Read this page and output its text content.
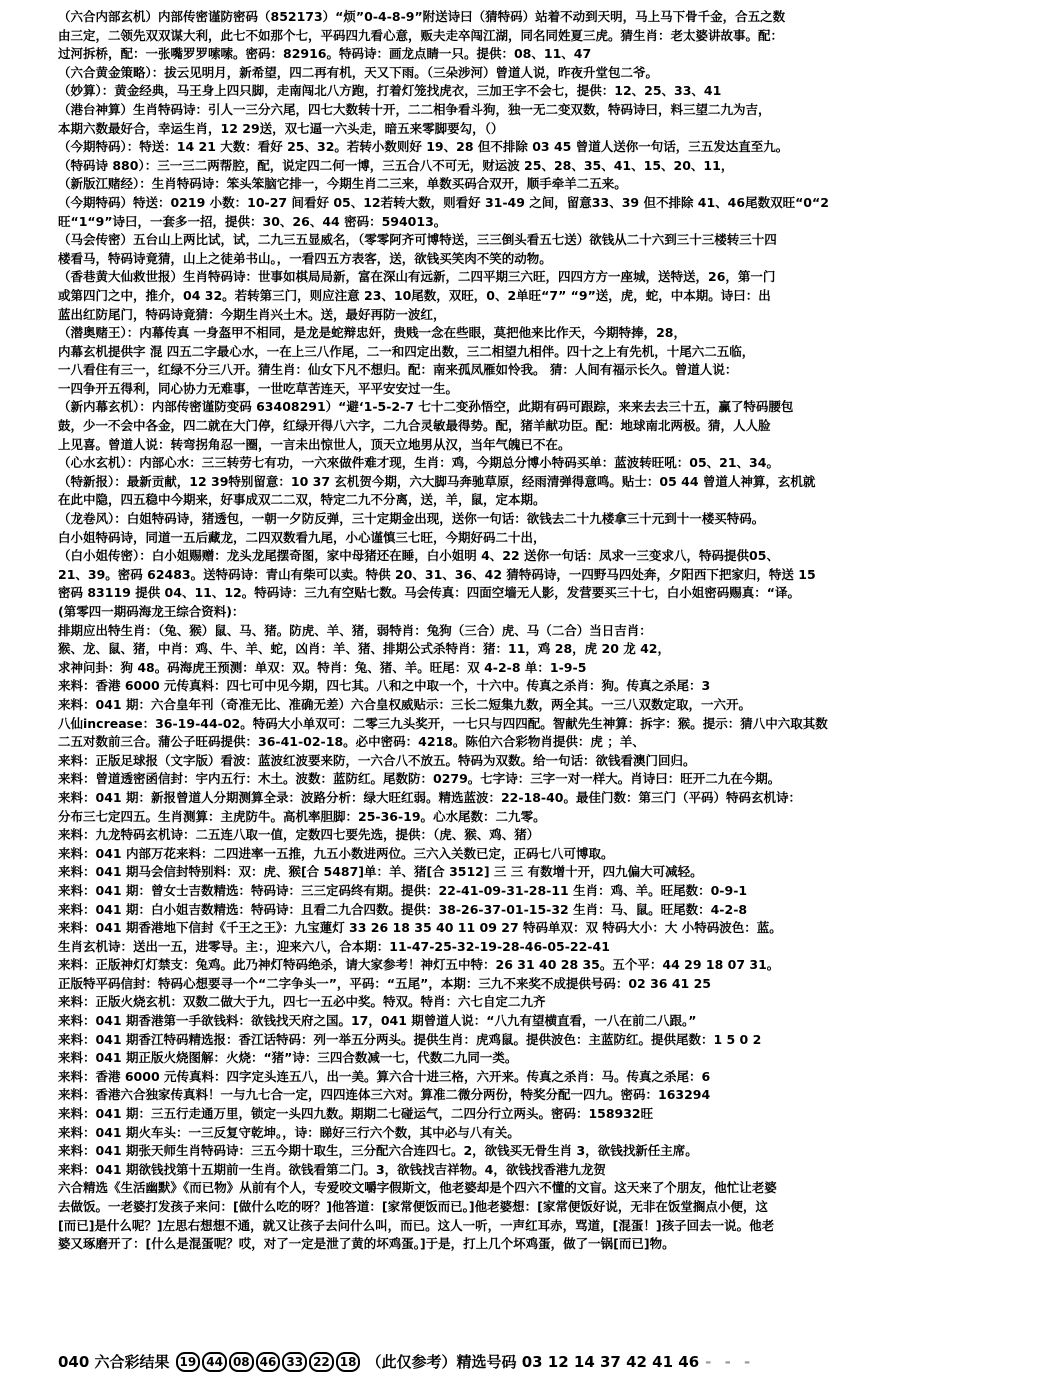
（六合内部玄机）内部传密谨防密码（852173）“烦”0-4-8-9”附送诗曰（猜特码）站着不动到天明，马上马下骨千金，合五之数
由三定，二领先双双谋大利，此七不如那个七，平码四九看心意，贩夫走卒闯江湖，同名同姓夏三虎。猜生肖：老太婆讲故事。配：
过河拆桥，配：一张嘴罗罗嗦嗦。密码：82916。特码诗：画龙点睛一只。提供：08、11、47
（六合黄金策略）：拔云见明月，新希望，四二再有机，天又下雨。（三朵涉河）曾道人说，昨夜升堂包二爷。
（妙算）：黄金经典，马王身上四只脚，走南闯北八方跑，打着灯笼找虎衣，三加王字不会七，提供：12、25、33、41
（港台神算）生肖特码诗：引人一三分六尾，四七大数转十开，二二相争看斗狗，独一无二变双数，特码诗曰，料三望二九为吉，
本期六数最好合，幸运生肖，12 29送，双七逼一六头走，暗五来零脚要勾，（）
（今期特码）：特送：14 21 大数：看好 25、32。若转小数则好 19、28 但不排除 03 45 曾道人送你一句话，三五发达直至九。
（特码诗 880）：三一三二两帮腔，配，说定四二何一博，三五合八不可无，财运波 25、28、35、41、15、20、11，
（新版江赌经）：生肖特码诗：笨头笨脑它排一，今期生肖二三来，单数买码合双开，顺手牵羊二五来。
（今期特码）特送：0219 小数：10-27 间看好 05、12若转大数，则看好 31-49 之间，留意33、39 但不排除 41、46尾数双旺“0“2
旺“1“9”诗曰，一套多一招，提供：30、26、44 密码：594013。
（马会传密）五台山上两比试，试，二九三五显威名，（零零阿齐可博特送，三三倒头看五七送）欲钱从二十六到三十三楼转三十四
楼看马，特码诗竟猜，山上之徒弟书山。，一看四五方表客，送，欲钱买笑肉不笑的动物。
（香巷黄大仙救世报）生肖特码诗：世事如棋局局新，富在深山有远新，二四平期三六旺，四四方方一座城，送特送，26，第一门
或第四门之中，推介，04 32。若转第三门，则应注意 23、10尾数，双旺，0、2单旺“7” “9”送，虎，蛇，中本期。诗曰：出
蓝出红防尾门，特码诗竟猜：今期生肖兴土木。送，最好再防一波红，
（潜奥赌王）：内幕传真 一身盔甲不相同，是龙是蛇辩忠奸，贵贱一念在些眼，莫把他来比作天，今期特捧，28，
内幕玄机提供字 混 四五二字最心水，一在上三八作尾，二一和四定出数，三二相望九相伴。四十之上有先机，十尾六二五临，
一八看住有三一，红绿不分三八开。猜生肖：仙女下凡不想归。配：南来孤凤雁如怜我。 猜：人间有福示长久。曾道人说：
一四争开五得利，同心协力无难事，一世吃草苦连天，平平安安过一生。
（新内幕玄机）：内部传密谨防变码 63408291）“避‘1-5-2-7 七十二变孙悟空，此期有码可跟踪，来来去去三十五，赢了特码腰包
鼓，少一不会中各金，四二就在大门停，红绿开得八六字，二九合灵敏最得势。配，猪羊献功臣。配：地球南北两极。猜，人人脸
上见喜。曾道人说：转弯拐角忍一圈，一言未出惊世人，顶天立地男从汉，当年气魄已不在。
（心水玄机）：内部心水：三三转劳七有功，一六來做件难才现，生肖：鸡，今期总分博小特码买单：蓝波转旺吼：05、21、34。
（特新报）：最新贡献，12 39特别留意：10 37 玄机贺今期，六大脚马奔驰草原，经雨清弹得意鸣。贴士：05 44 曾道人神算，玄机就
在此中隐，四五稳中今期来，好事成双二二双，特定二九不分离，送，羊，鼠，定本期。
（龙卷风）：白姐特码诗，猪透包，一朝一夕防反弹，三十定期金出现，送你一句话：欲钱去二十九楼拿三十元到十一楼买特码。
白小姐特码诗，同道一五后藏龙，二四双数看九尾，小心谨慎三七旺，今期好码二十出，
（白小姐传密）：白小姐赐赠：龙头龙尾摆奇图，家中母猪还在睡，白小姐明 4、22 送你一句话：凤求一三变求八，特码提供05、
21、39。密码 62483。送特码诗：青山有柴可以卖。特供 20、31、36、42 猜特码诗，一四野马四处奔，夕阳西下把家归，特送 15
密码 83119 提供 04、11、12。特码诗：三九有空贴七数。马会传真：四面空墙无人影，发营要买三十七，白小姐密码赐真：“译。
(第零四一期码海龙王综合资料)：
排期应出特生肖：（兔、猴）鼠、马、猪。防虎、羊、猪，弱特肖：兔狗（三合）虎、马（二合）当日吉肖：
猴、龙、鼠、猪，中肖：鸡、牛、羊、蛇，凶肖：羊、猪、排期公式杀特肖：猪：11，鸡 28，虎 20 龙 42，
求神问卦：狗 48。码海虎王预测：单双：双。特肖：兔、猪、羊。旺尾：双 4-2-8 单：1-9-5
来料：香港 6000 元传真料：四七可中见今期，四七其。八和之中取一个，十六中。传真之杀肖：狗。传真之杀尾：3
来料：041 期：六合皇年刊（奇准无比、准确无差）六合皇权威贴示：三长二短集九数，两全其。一三八双数定取，一六开。
八仙increase：36-19-44-02。特码大小单双可：二零三九头奖开，一七只与四四配。智献先生神算：拆字：猴。提示：猜八中六取其数
二五对数前三合。蒲公子旺码提供：36-41-02-18。必中密码：4218。陈伯六合彩物肖提供：虎 ；羊、
来料：正版足球报（文字版）看波：蓝波红波要来防，一六合八不放五。特码为双数。给一句话：欲钱看澳门回归。
来料：曾道透密函信封：宇内五行：木土。波数：蓝防红。尾数防：0279。七字诗：三字一对一样大。肖诗曰：旺开二九在今期。
来料：041 期：新报曾道人分期测算全录：波路分析：绿大旺红弱。精选蓝波：22-18-40。最佳门数：第三门（平码）特码玄机诗：
分布三七定四五。生肖测算：主虎防牛。高机率胆脚：25-36-19。心水尾数：二九零。
来料：九龙特码玄机诗：二五连八取一值，定数四七要先选，提供：（虎、猴、鸡、猪）
来料：041 内部万花来料：二四进率一五推，九五小数进两位。三六入关数已定，正码七八可博取。
来料：041 期马会信封特别料：双：虎、猴[合 5487]单：羊、猪[合 3512] 三 三 有数增十开，四九偏大可减轻。
来料：041 期：曾女士吉数精选：特码诗：三三定码终有期。提供：22-41-09-31-28-11 生肖：鸡、羊。旺尾数：0-9-1
来料：041 期：白小姐吉数精选：特码诗：且看二九合四数。提供：38-26-37-01-15-32 生肖：马、鼠。旺尾数：4-2-8
来料：041 期香港地下信封《千王之王》：九宝蓮灯 33 26 18 35 40 11 09 27 特码单双：双 特码大小：大 小特码波色：蓝。
生肖玄机诗：送出一五，进零导。主：，迎来六八，合本期：11-47-25-32-19-28-46-05-22-41
来料：正版神灯灯禁支：兔鸡。此乃神灯特码绝杀，请大家参考！神灯五中特：26 31 40 28 35。五个平：44 29 18 07 31。
正版特平码信封：特码心想要寻一个“二字争头一”，平码：“五尾”，本期：三九不来奖不成提供号码：02 36 41 25
来料：正版火烧玄机：双数二做大于九，四七一五必中奖。特双。特肖：六七自定二九齐
来料：041 期香港第一手欲钱料：欲钱找天府之国。17，041 期曾道人说：“八九有望横直看，一八在前二八跟。”
来料：041 期香江特码精选报：香江话特码：列一举五分两头。提供生肖：虎鸡鼠。提供波色：主蓝防红。提供尾数：1 5 0 2
来料：041 期正版火烧图解：火烧：“猪”诗：三四合数减一七，代数二九同一类。
来料：香港 6000 元传真料：四字定头连五八，出一美。算六合十进三格，六开来。传真之杀肖：马。传真之杀尾：6
来料：香港六合独家传真料！一与九七合一定，四四连体三六对。算准二微分两份，特奖分配一四九。密码：163294
来料：041 期：三五行走通万里，锁定一头四九数。期期二七碰运气，二四分行立两头。密码：158932旺
来料：041 期火车头：一三反复守乾坤。，诗：睇好三行六个数，其中必与八有关。
来料：041 期张天师生肖特码诗：三五今期十取生，三分配六合连四七。2，欲钱买无骨生肖 3，欲钱找新任主席。
来料：041 期欲钱找第十五期前一生肖。欲钱看第二门。3，欲钱找吉祥物。4，欲钱找香港九龙贺
六合精选《生活幽默》《而已物》从前有个人，专爱咬文嚼字假斯文，他老婆却是个四六不懂的文盲。这天来了个朋友，他忙让老婆
去做饭。一老婆打发孩子来问：[做什么吃的呀？]他答道：[家常便饭而已。]他老婆想：[家常便饭好说，无非在饭堂搁点小便，这
[而已]是什么呢？]左思右想想不通，就又让孩子去问什么叫，而已。这人一听，一声红耳赤，骂道，[混蛋！]孩子回去一说。他老
婆又琢磨开了：[什么是混蛋呢？哎，对了一定是泄了黄的坏鸡蛋。]于是，打上几个坏鸡蛋，做了一锅[而已]物。
040 六合彩结果 19 44 08 46 33 22 18 （此仅参考）精选号码 03 12 14 37 42 41 46 - - -
